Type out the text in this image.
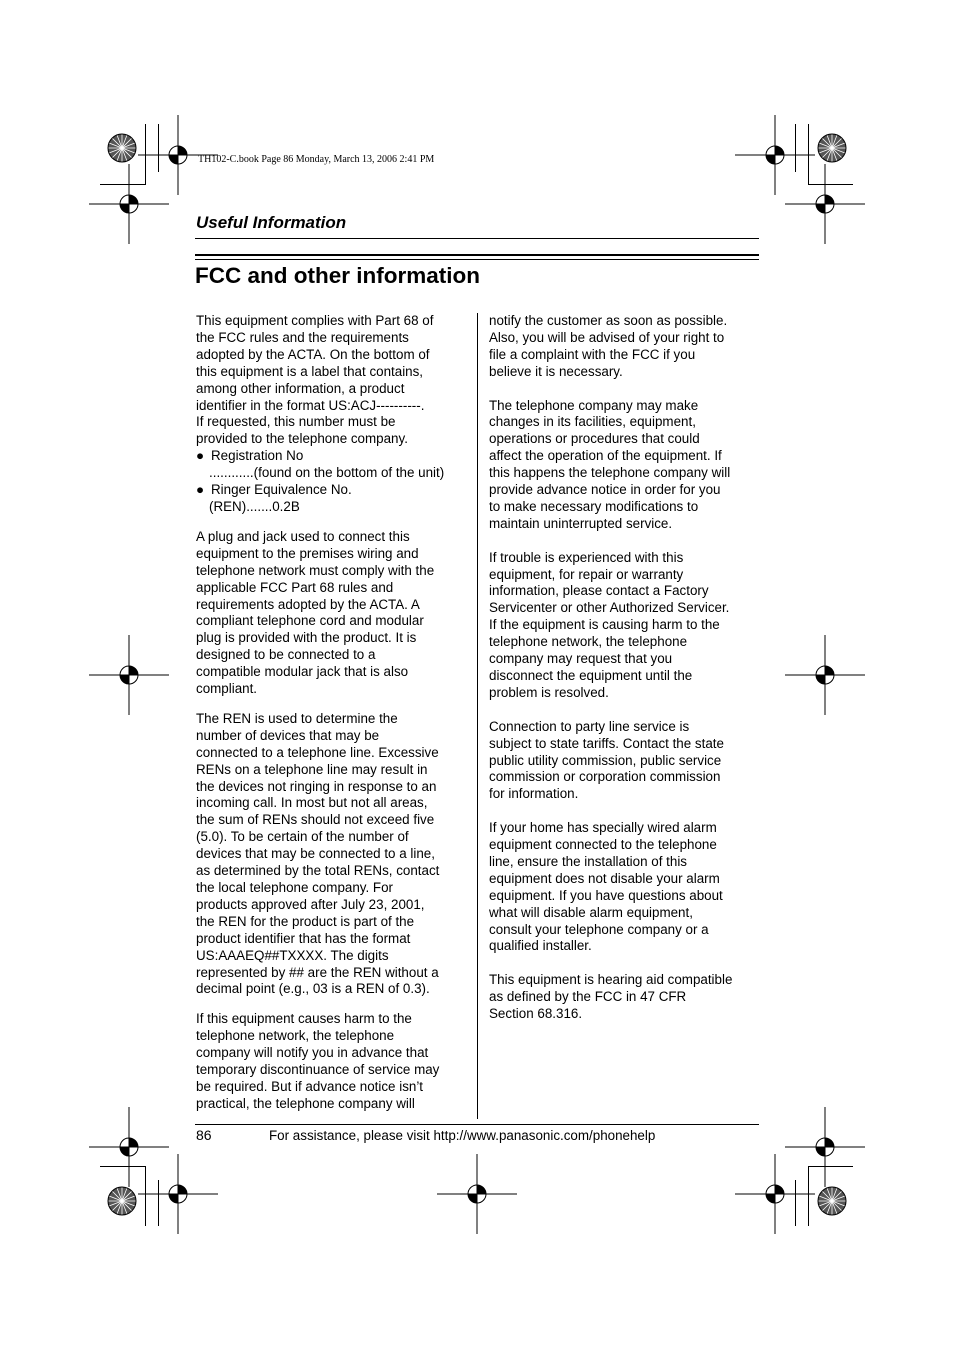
TH102-C.book Page 86 Monday, March 13, 2006 2:41 PM
Useful Information
FCC and other information

This equipment complies with Part 68 of
the FCC rules and the requirements
adopted by the ACTA. On the bottom of
this equipment is a label that contains,
among other information, a product
identifier in the format US:ACJ----------.
If requested, this number must be
provided to the telephone company.

● Registration No
............(found on the bottom of the unit)
● Ringer Equivalence No.
(REN).......0.2B

A plug and jack used to connect this
equipment to the premises wiring and
telephone network must comply with the
applicable FCC Part 68 rules and
requirements adopted by the ACTA. A
compliant telephone cord and modular
plug is provided with the product. It is
designed to be connected to a
compatible modular jack that is also
compliant.

The REN is used to determine the
number of devices that may be
connected to a telephone line. Excessive
RENs on a telephone line may result in
the devices not ringing in response to an
incoming call. In most but not all areas,
the sum of RENs should not exceed five
(5.0). To be certain of the number of
devices that may be connected to a line,
as determined by the total RENs, contact
the local telephone company. For
products approved after July 23, 2001,
the REN for the product is part of the
product identifier that has the format
US:AAAEQ##TXXXX. The digits
represented by ## are the REN without a
decimal point (e.g., 03 is a REN of 0.3).

If this equipment causes harm to the
telephone network, the telephone
company will notify you in advance that
temporary discontinuance of service may
be required. But if advance notice isn’t
practical, the telephone company will

notify the customer as soon as possible.
Also, you will be advised of your right to
file a complaint with the FCC if you
believe it is necessary.

The telephone company may make
changes in its facilities, equipment,
operations or procedures that could
affect the operation of the equipment. If
this happens the telephone company will
provide advance notice in order for you
to make necessary modifications to
maintain uninterrupted service.

If trouble is experienced with this
equipment, for repair or warranty
information, please contact a Factory
Servicenter or other Authorized Servicer.
If the equipment is causing harm to the
telephone network, the telephone
company may request that you
disconnect the equipment until the
problem is resolved.

Connection to party line service is
subject to state tariffs. Contact the state
public utility commission, public service
commission or corporation commission
for information.

If your home has specially wired alarm
equipment connected to the telephone
line, ensure the installation of this
equipment does not disable your alarm
equipment. If you have questions about
what will disable alarm equipment,
consult your telephone company or a
qualified installer.

This equipment is hearing aid compatible
as defined by the FCC in 47 CFR
Section 68.316.

86	For assistance, please visit http://www.panasonic.com/phonehelp
